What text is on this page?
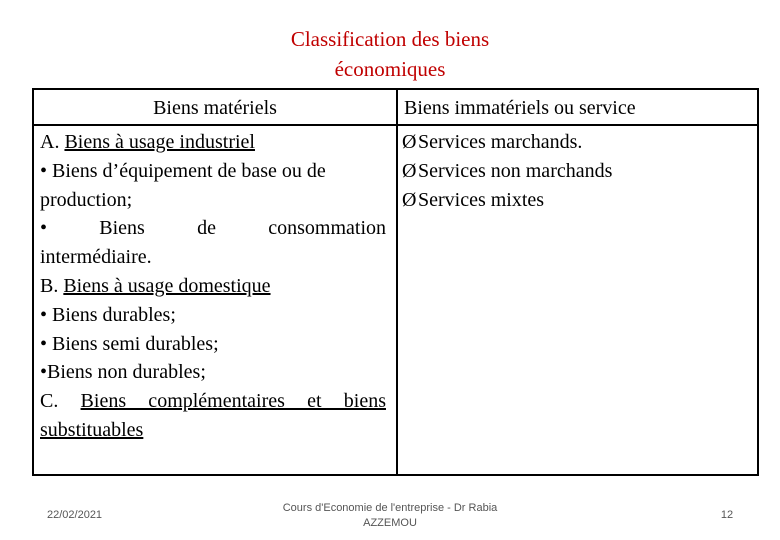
Classification des biens
économiques
Biens matériels	Biens immatériels ou service
A. Biens à usage industriel
• Biens d’équipement de base ou de
production;
• Biens de consommation
intermédiaire.
B. Biens à usage domestique
• Biens durables;
• Biens semi durables;
•Biens non durables;
C. Biens complémentaires et biens
substituables
ØServices marchands.
ØServices non marchands
ØServices mixtes
22/02/2021
Cours d'Economie de l'entreprise - Dr Rabia
AZZEMOU
12
